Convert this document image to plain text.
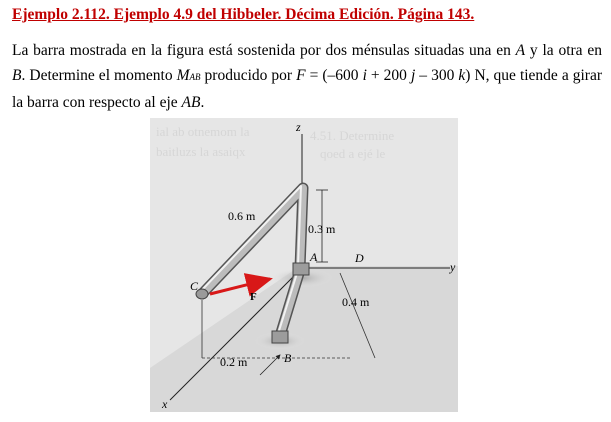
Ejemplo 2.112. Ejemplo 4.9 del Hibbeler. Décima Edición. Página 143.
La barra mostrada en la figura está sostenida por dos ménsulas situadas una en A y la otra en B. Determine el momento MAB producido por F = (–600 i + 200 j – 300 k) N, que tiende a girar la barra con respecto al eje AB.
ial ab otnemom la
baitluzs la asaiqx
4.51. Determine
qoed a ejé le
z
y
x
C
A	D
B
F
0.6 m
0.3 m
0.4 m
0.2 m
